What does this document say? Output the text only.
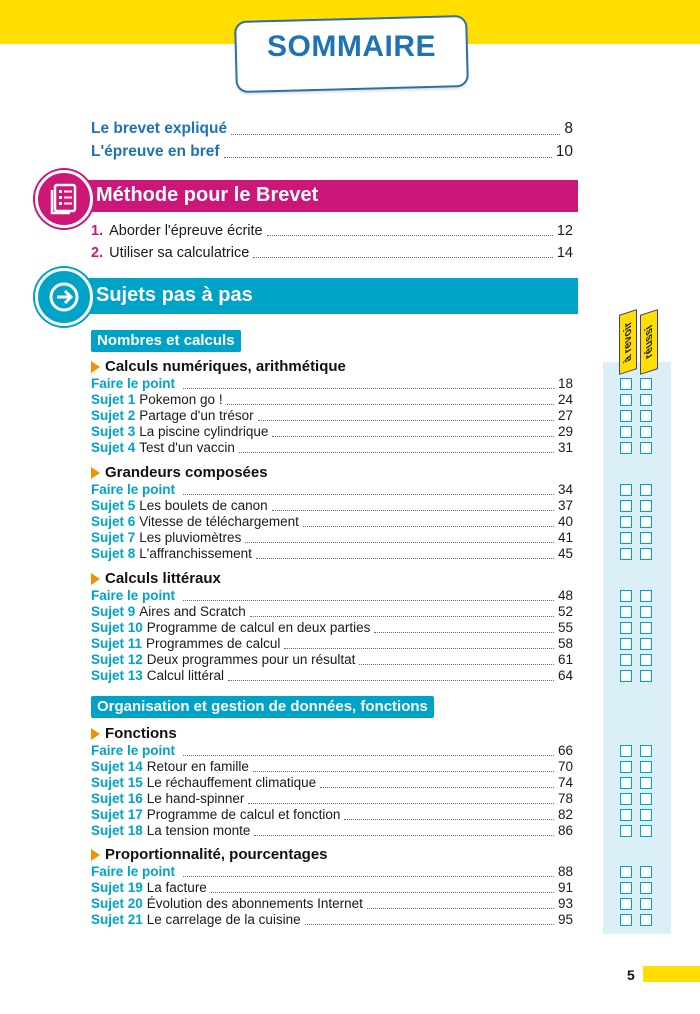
SOMMAIRE
Le brevet expliqué	8
L'épreuve en bref	10
Méthode pour le Brevet
1. Aborder l'épreuve écrite	12
2. Utiliser sa calculatrice	14
Sujets pas à pas
Nombres et calculs
Organisation et gestion de données, fonctions
Calculs numériques, arithmétique
Faire le point	18
Sujet 1 Pokemon go !	24
Sujet 2 Partage d'un trésor	27
Sujet 3 La piscine cylindrique	29
Sujet 4 Test d'un vaccin	31
Grandeurs composées
Faire le point	34
Sujet 5 Les boulets de canon	37
Sujet 6 Vitesse de téléchargement	40
Sujet 7 Les pluviomètres	41
Sujet 8 L'affranchissement	45
Calculs littéraux
Faire le point	48
Sujet 9 Aires and Scratch	52
Sujet 10 Programme de calcul en deux parties	55
Sujet 11 Programmes de calcul	58
Sujet 12 Deux programmes pour un résultat	61
Sujet 13 Calcul littéral	64
Fonctions
Faire le point	66
Sujet 14 Retour en famille	70
Sujet 15 Le réchauffement climatique	74
Sujet 16 Le hand-spinner	78
Sujet 17 Programme de calcul et fonction	82
Sujet 18 La tension monte	86
Proportionnalité, pourcentages
Faire le point	88
Sujet 19 La facture	91
Sujet 20 Évolution des abonnements Internet	93
Sujet 21 Le carrelage de la cuisine	95
à revoir réussi
5
